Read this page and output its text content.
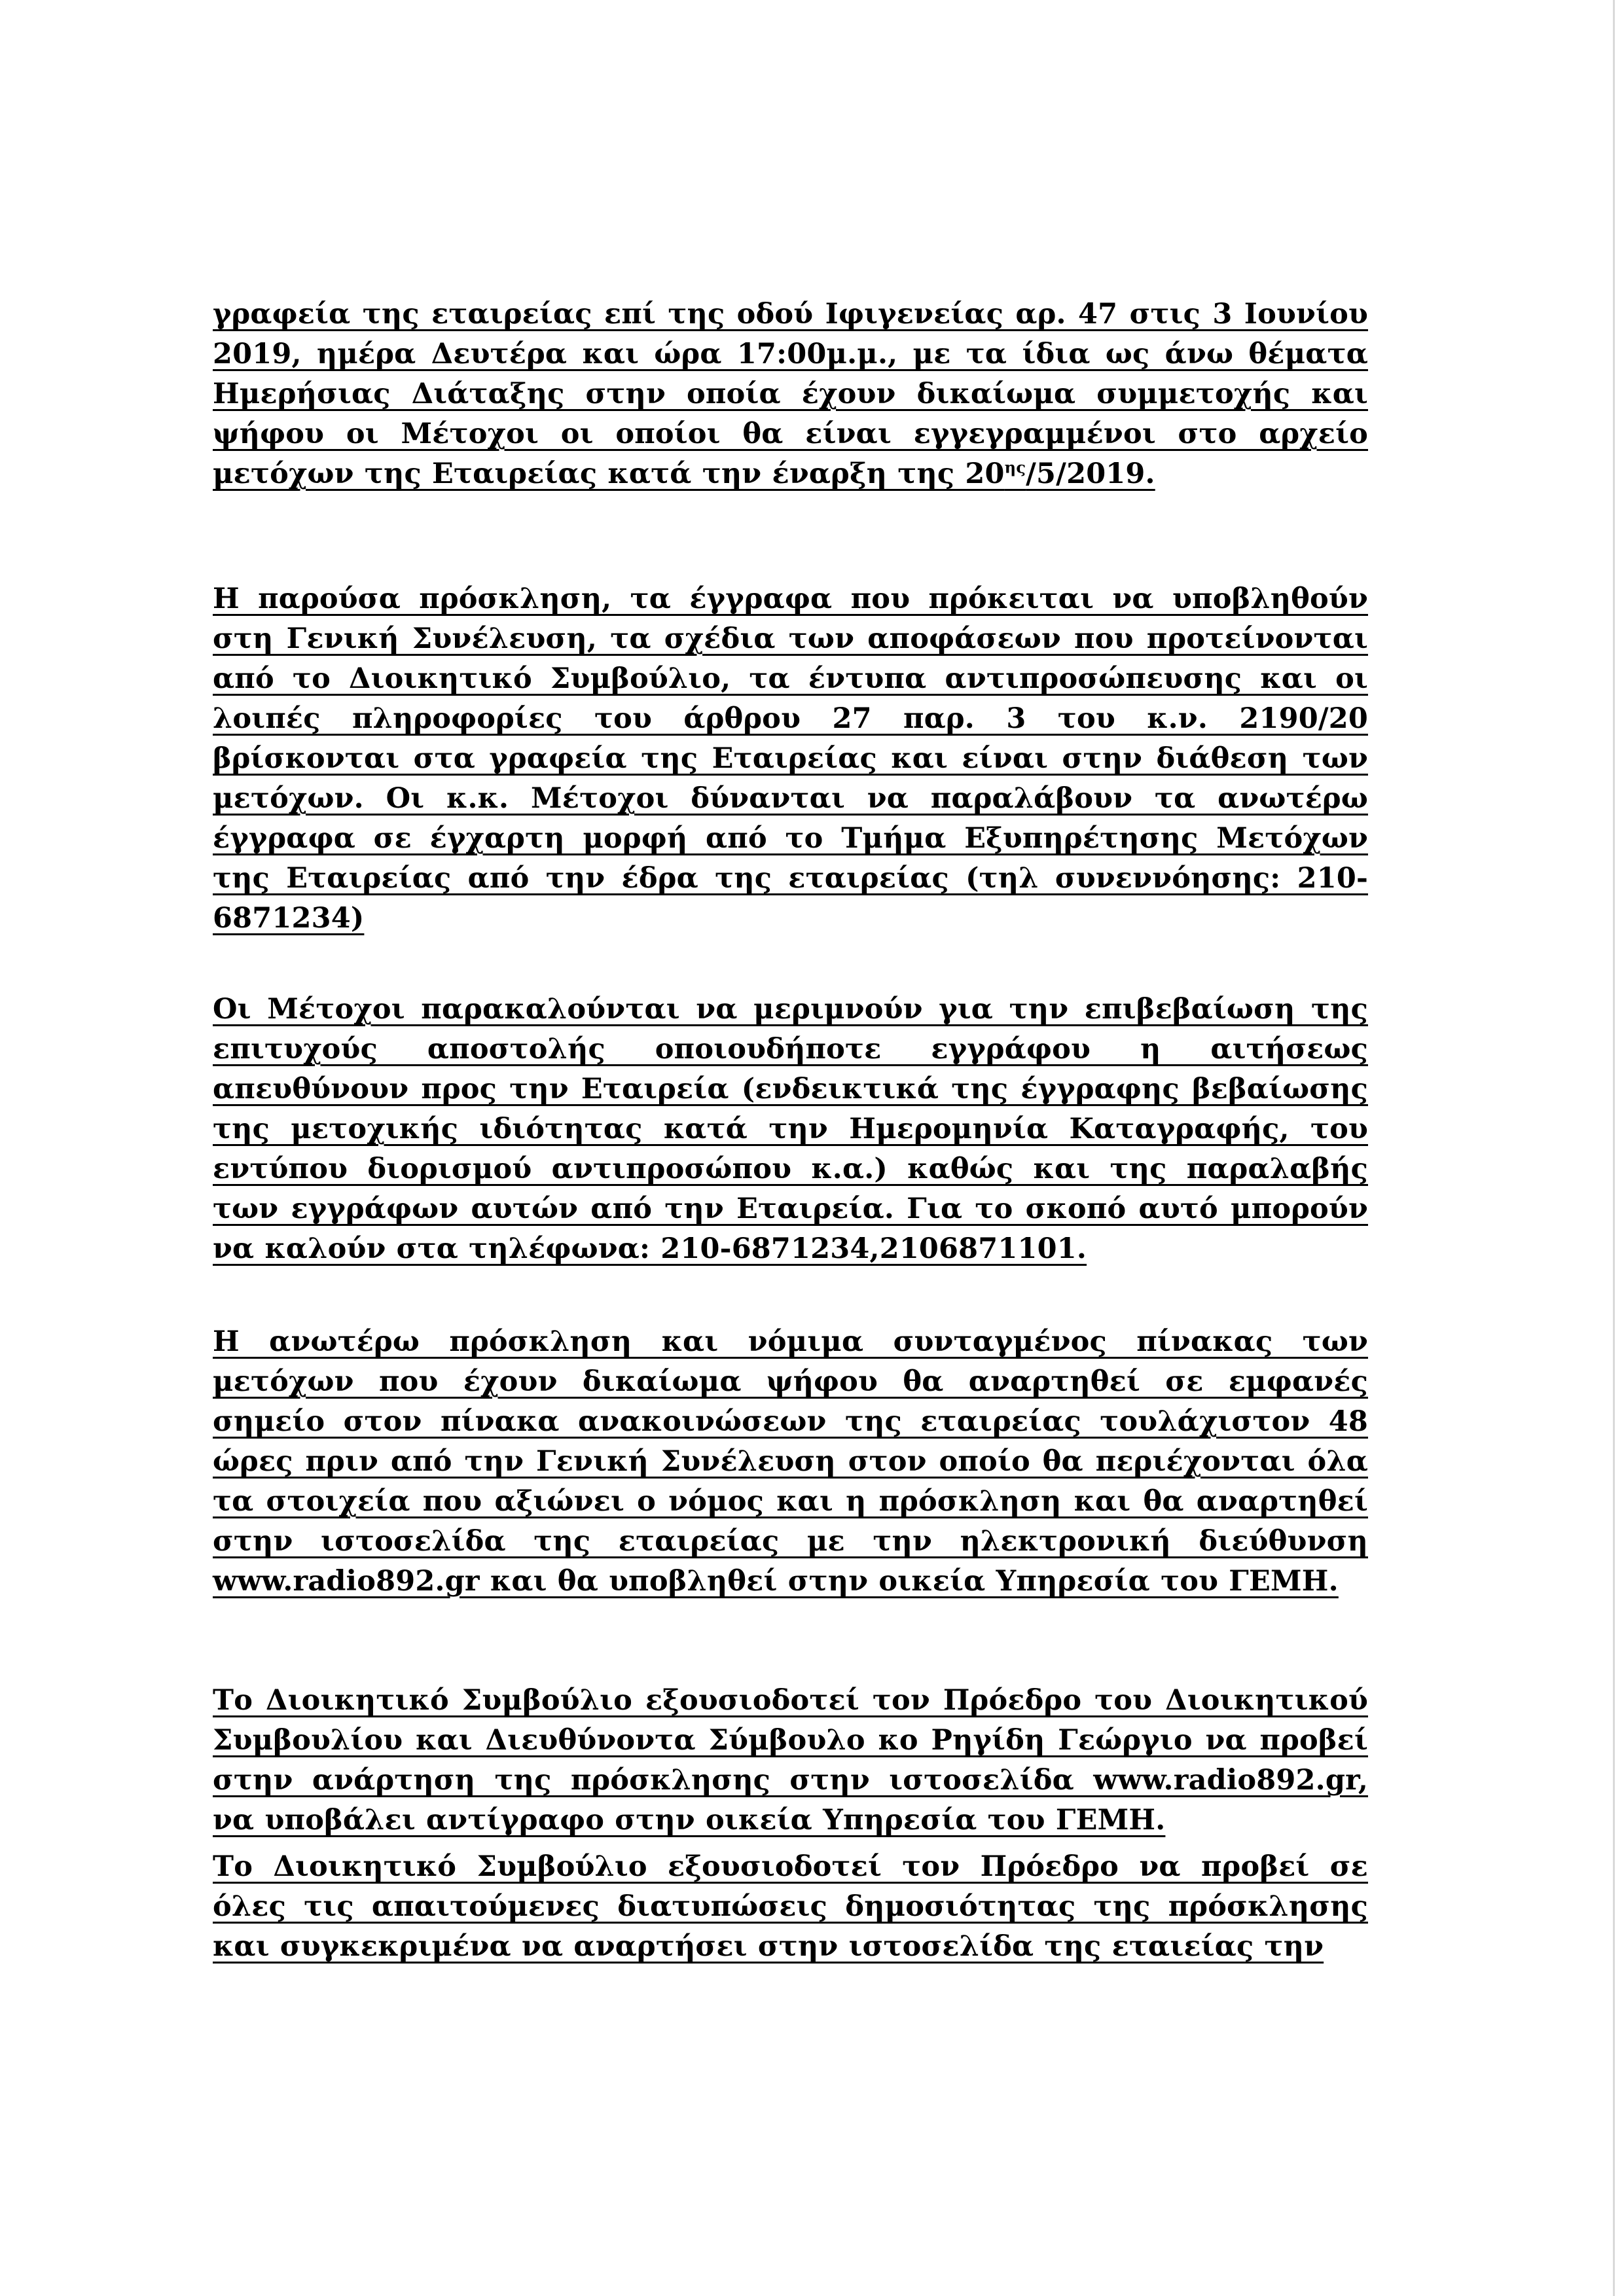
γραφεία της εταιρείας επί της οδού Ιφιγενείας αρ. 47 στις 3 Ιουνίου 2019, ημέρα Δευτέρα και ώρα 17:00μ.μ., με τα ίδια ως άνω θέματα Ημερήσιας Διάταξης στην οποία έχουν δικαίωμα συμμετοχής και ψήφου οι Μέτοχοι οι οποίοι θα είναι εγγεγραμμένοι στο αρχείο μετόχων της Εταιρείας κατά την έναρξη της $20^{\eta\varsigma}/5/2019$.

Η παρούσα πρόσκληση, τα έγγραφα που πρόκειται να υποβληθούν στη Γενική Συνέλευση, τα σχέδια των αποφάσεων που προτείνονται από το Διοικητικό Συμβούλιο, τα έντυπα αντιπροσώπευσης και οι λοιπές πληροφορίες του άρθρου 27 παρ. 3 του κ.ν. 2190/20 βρίσκονται στα γραφεία της Εταιρείας και είναι στην διάθεση των μετόχων. Οι κ.κ. Μέτοχοι δύνανται να παραλάβουν τα ανωτέρω έγγραφα σε έγχαρτη μορφή από το Τμήμα Εξυπηρέτησης Μετόχων της Εταιρείας από την έδρα της εταιρείας (τηλ συνεννόησης: 210-6871234)

Οι Μέτοχοι παρακαλούνται να μεριμνούν για την επιβεβαίωση της επιτυχούς αποστολής οποιουδήποτε εγγράφου η αιτήσεως απευθύνουν προς την Εταιρεία (ενδεικτικά της έγγραφης βεβαίωσης της μετοχικής ιδιότητας κατά την Ημερομηνία Καταγραφής, του εντύπου διορισμού αντιπροσώπου κ.α.) καθώς και της παραλαβής των εγγράφων αυτών από την Εταιρεία. Για το σκοπό αυτό μπορούν να καλούν στα τηλέφωνα: 210-6871234,2106871101.

Η ανωτέρω πρόσκληση και νόμιμα συνταγμένος πίνακας των μετόχων που έχουν δικαίωμα ψήφου θα αναρτηθεί σε εμφανές σημείο στον πίνακα ανακοινώσεων της εταιρείας τουλάχιστον 48 ώρες πριν από την Γενική Συνέλευση στον οποίο θα περιέχονται όλα τα στοιχεία που αξιώνει ο νόμος και η πρόσκληση και θα αναρτηθεί στην ιστοσελίδα της εταιρείας με την ηλεκτρονική διεύθυνση www.radio892.gr και θα υποβληθεί στην οικεία Υπηρεσία του ΓΕΜΗ.

Το Διοικητικό Συμβούλιο εξουσιοδοτεί τον Πρόεδρο του Διοικητικού Συμβουλίου και Διευθύνοντα Σύμβουλο κο Ρηγίδη Γεώργιο να προβεί στην ανάρτηση της πρόσκλησης στην ιστοσελίδα www.radio892.gr, να υποβάλει αντίγραφο στην οικεία Υπηρεσία του ΓΕΜΗ.

Το Διοικητικό Συμβούλιο εξουσιοδοτεί τον Πρόεδρο να προβεί σε όλες τις απαιτούμενες διατυπώσεις δημοσιότητας της πρόσκλησης και συγκεκριμένα να αναρτήσει στην ιστοσελίδα της εταιείας την
